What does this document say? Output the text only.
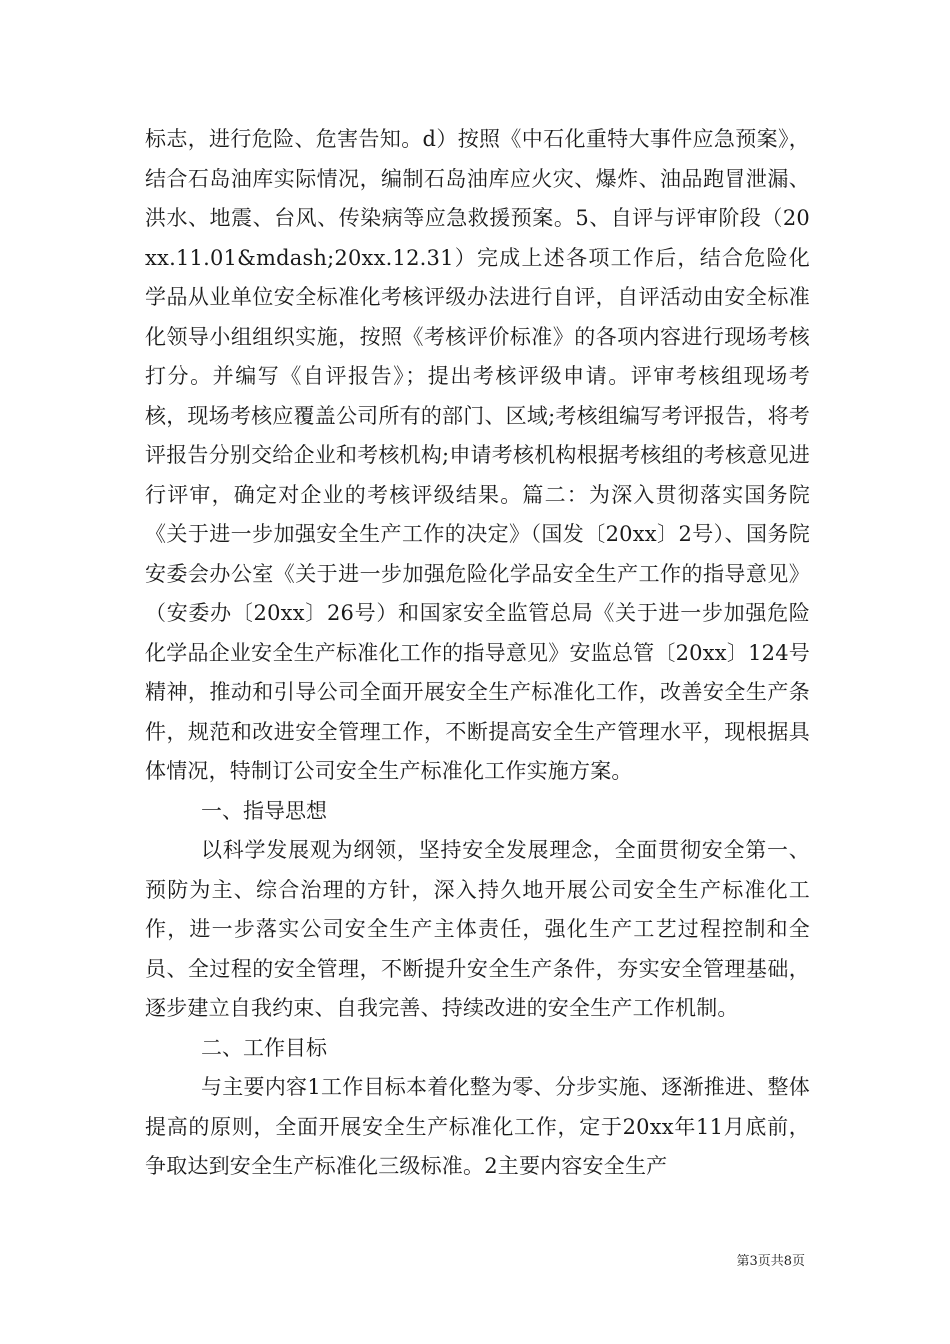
标志，进行危险、危害告知。d）按照《中石化重特大事件应急预案》，结合石岛油库实际情况，编制石岛油库应火灾、爆炸、油品跑冒泄漏、洪水、地震、台风、传染病等应急救援预案。5、自评与评审阶段（20xx.11.01&mdash;20xx.12.31）完成上述各项工作后，结合危险化学品从业单位安全标准化考核评级办法进行自评，自评活动由安全标准化领导小组组织实施，按照《考核评价标准》的各项内容进行现场考核打分。并编写《自评报告》；提出考核评级申请。评审考核组现场考核，现场考核应覆盖公司所有的部门、区域;考核组编写考评报告，将考评报告分别交给企业和考核机构;申请考核机构根据考核组的考核意见进行评审，确定对企业的考核评级结果。篇二：为深入贯彻落实国务院《关于进一步加强安全生产工作的决定》（国发〔20xx〕2号）、国务院安委会办公室《关于进一步加强危险化学品安全生产工作的指导意见》（安委办〔20xx〕26号）和国家安全监管总局《关于进一步加强危险化学品企业安全生产标准化工作的指导意见》安监总管〔20xx〕124号精神，推动和引导公司全面开展安全生产标准化工作，改善安全生产条件，规范和改进安全管理工作，不断提高安全生产管理水平，现根据具体情况，特制订公司安全生产标准化工作实施方案。

一、指导思想

以科学发展观为纲领，坚持安全发展理念，全面贯彻安全第一、预防为主、综合治理的方针，深入持久地开展公司安全生产标准化工作，进一步落实公司安全生产主体责任，强化生产工艺过程控制和全员、全过程的安全管理，不断提升安全生产条件，夯实安全管理基础，逐步建立自我约束、自我完善、持续改进的安全生产工作机制。

二、工作目标

与主要内容1工作目标本着化整为零、分步实施、逐渐推进、整体提高的原则，全面开展安全生产标准化工作，定于20xx年11月底前，争取达到安全生产标准化三级标准。2主要内容安全生产

第3页共8页
